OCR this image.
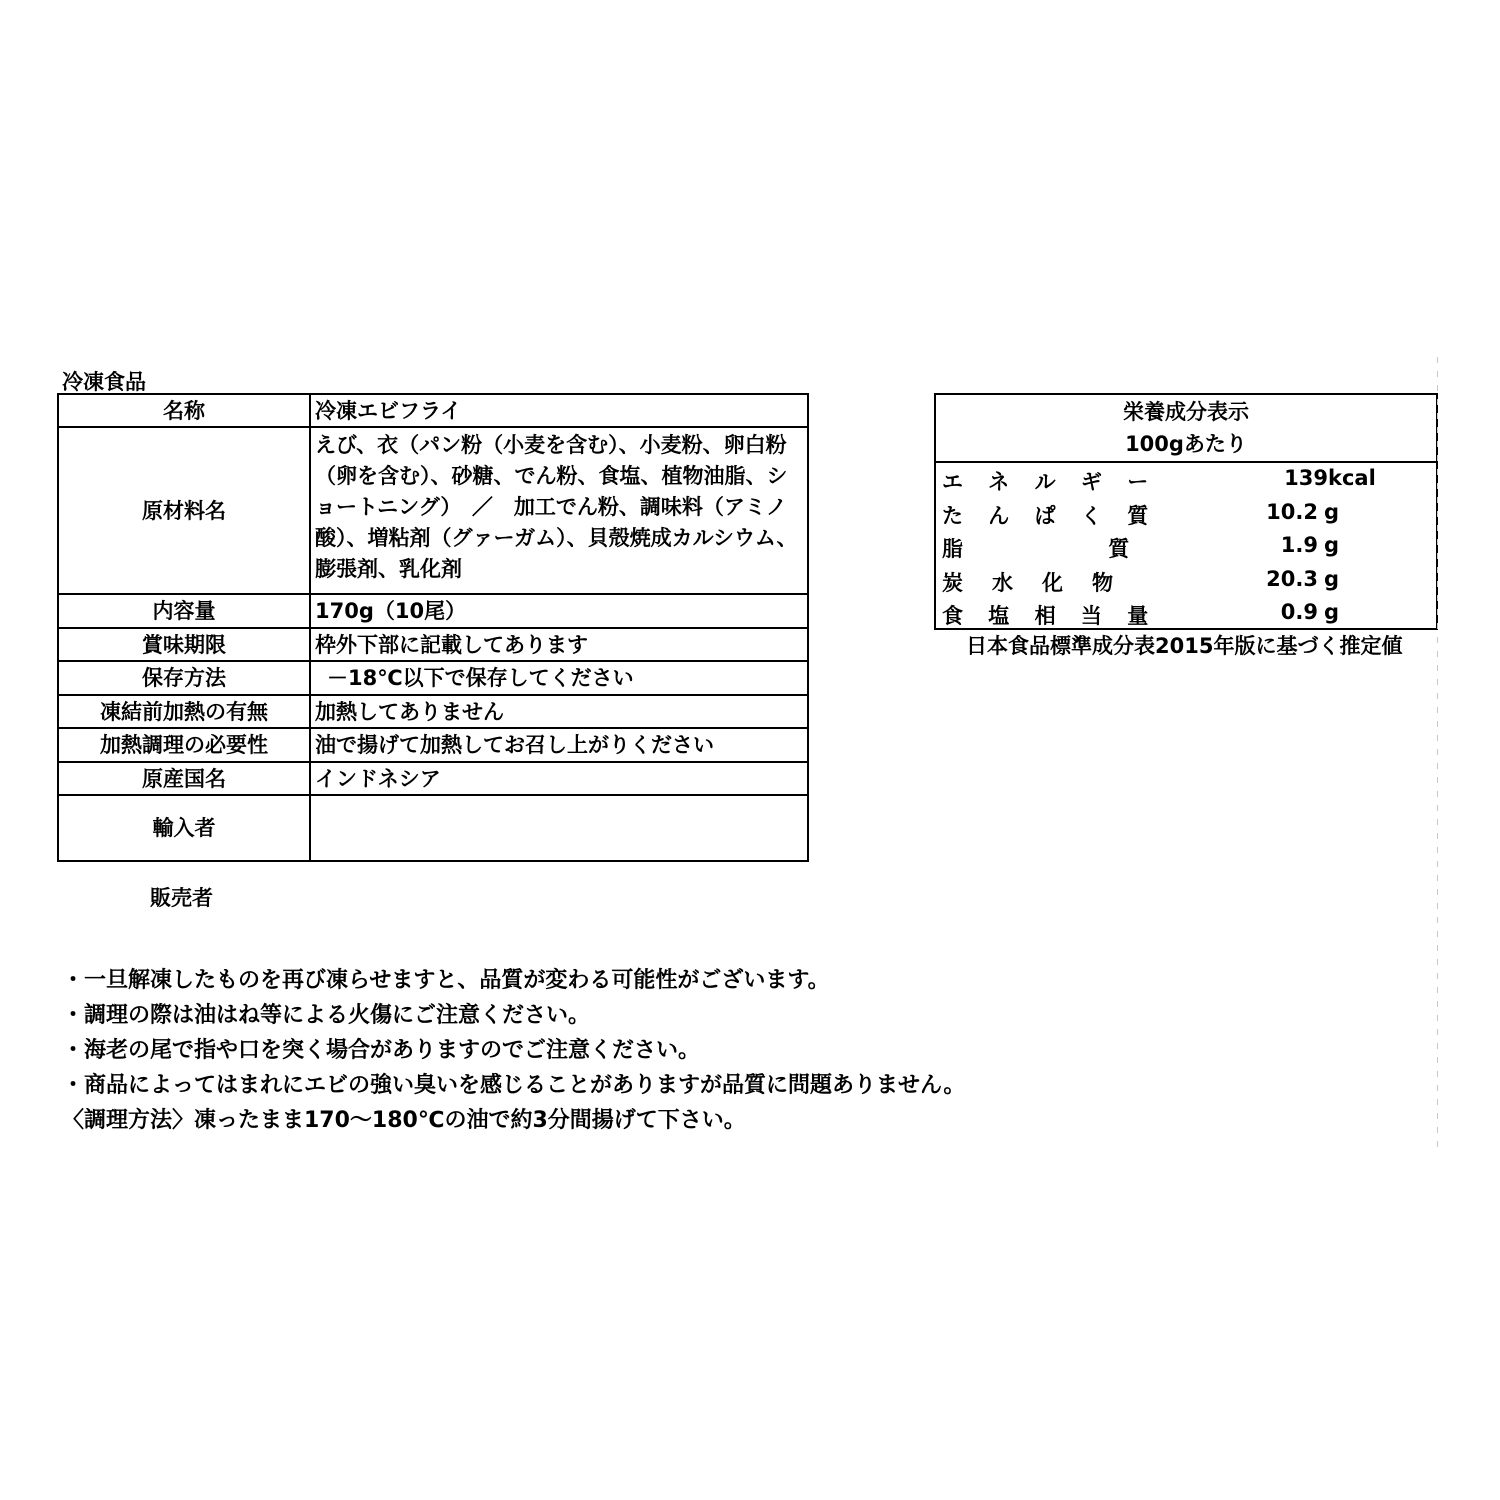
冷凍食品
名称	冷凍エビフライ
原材料名	えび、衣（パン粉（小麦を含む）、小麦粉、卵白粉（卵を含む）、砂糖、でん粉、食塩、植物油脂、ショートニング）　／　加工でん粉、調味料（アミノ酸）、増粘剤（グァーガム）、貝殻焼成カルシウム、膨張剤、乳化剤
内容量	170g（10尾）
賞味期限	枠外下部に記載してあります
保存方法	－18℃以下で保存してください
凍結前加熱の有無	加熱してありません
加熱調理の必要性	油で揚げて加熱してお召し上がりください
原産国名	インドネシア
輸入者	
販売者
栄養成分表示
100gあたり
エ ネ ル ギ ー	139 kcal
た ん ぱ く 質	10.2 g
脂　　　　 質	1.9 g
炭　水　化　物	20.3 g
食 塩 相 当 量	0.9 g
日本食品標準成分表2015年版に基づく推定値
・一旦解凍したものを再び凍らせますと、品質が変わる可能性がございます。
・調理の際は油はね等による火傷にご注意ください。
・海老の尾で指や口を突く場合がありますのでご注意ください。
・商品によってはまれにエビの強い臭いを感じることがありますが品質に問題ありません。
〈調理方法〉凍ったまま170～180℃の油で約3分間揚げて下さい。
